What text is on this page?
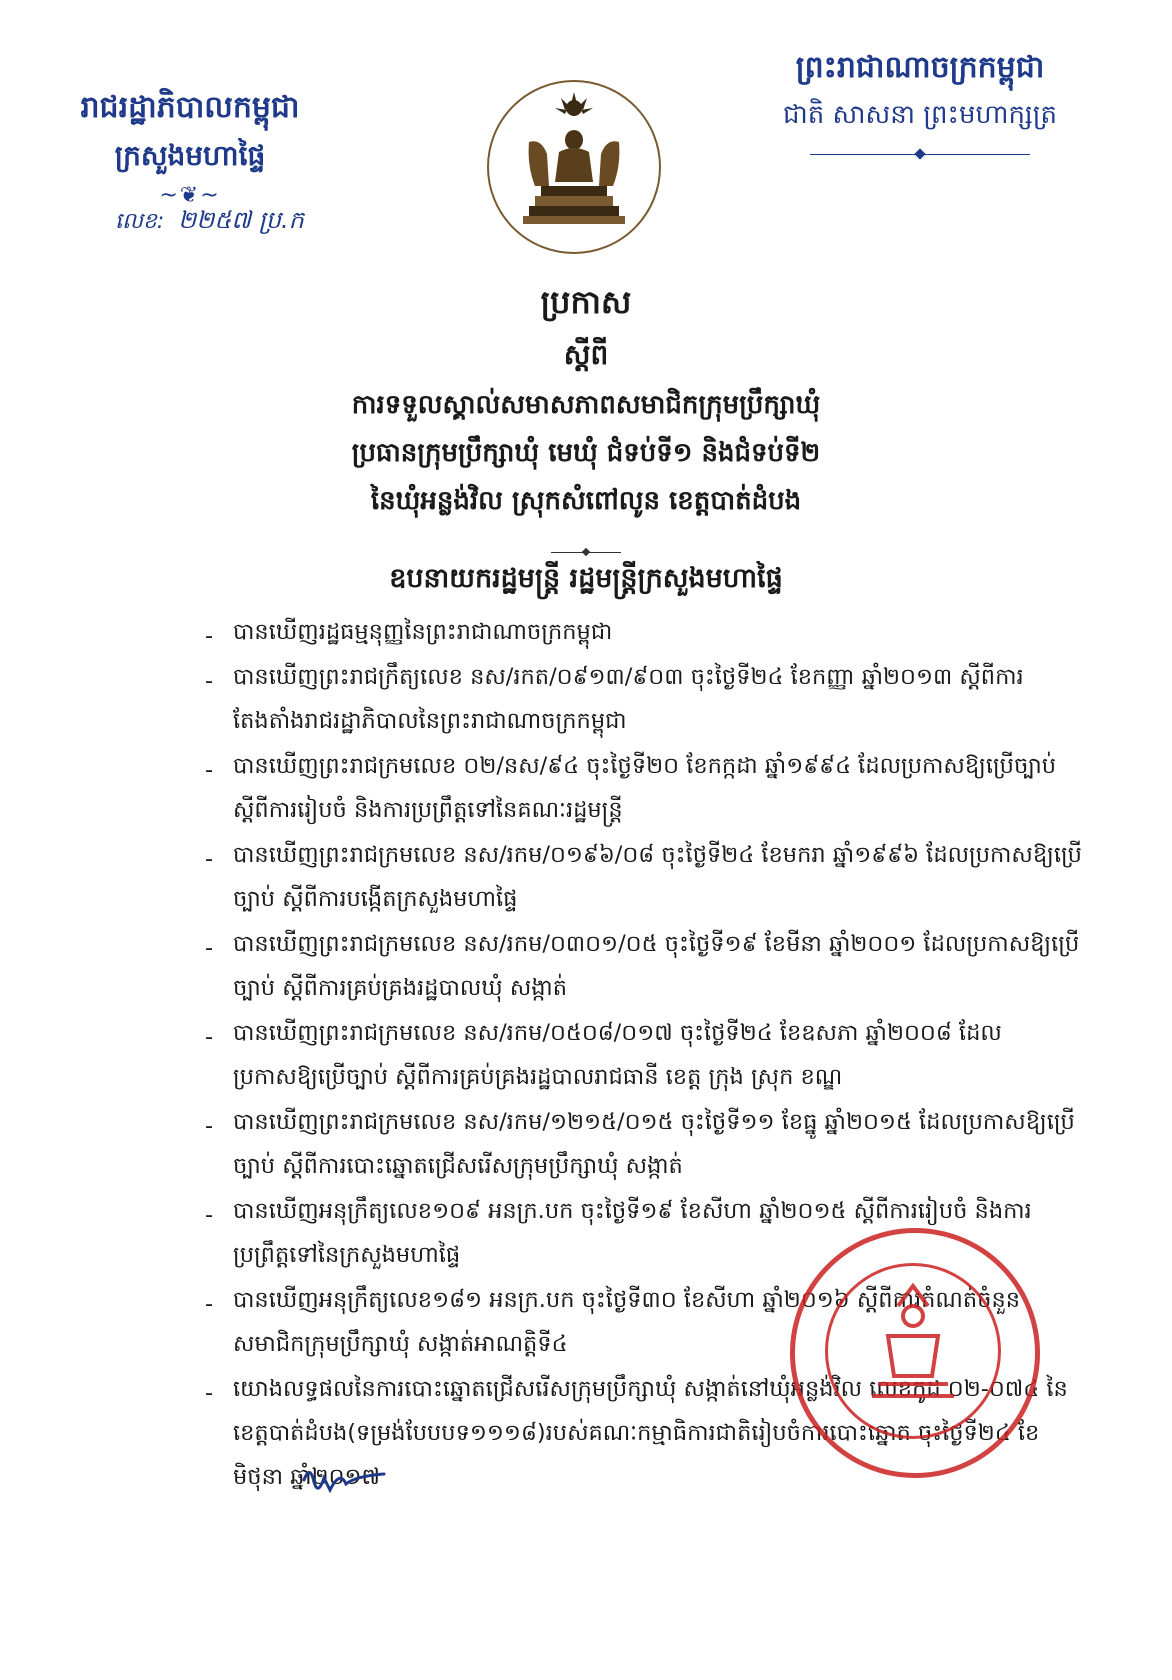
រាជរដ្ឋាភិបាលកម្ពុជា
ក្រសួងមហាផ្ទៃ
~❦~
លេខ: ២២៥៧ ប្រ.ក
ព្រះរាជាណាចក្រកម្ពុជា
ជាតិ សាសនា ព្រះមហាក្សត្រ
ប្រកាស
ស្តីពី
ការទទួលស្គាល់សមាសភាពសមាជិកក្រុមប្រឹក្សាឃុំ
ប្រធានក្រុមប្រឹក្សាឃុំ មេឃុំ ជំទប់ទី១ និងជំទប់ទី២
នៃឃុំអន្លង់វិល ស្រុកសំពៅលូន ខេត្តបាត់ដំបង
ឧបនាយករដ្ឋមន្ត្រី រដ្ឋមន្ត្រីក្រសួងមហាផ្ទៃ
- បានឃើញរដ្ឋធម្មនុញ្ញនៃព្រះរាជាណាចក្រកម្ពុជា
- បានឃើញព្រះរាជក្រឹត្យលេខ នស/រកត/០៩១៣/៩០៣ ចុះថ្ងៃទី២៤ ខែកញ្ញា ឆ្នាំ២០១៣ ស្តីពីការតែងតាំងរាជរដ្ឋាភិបាលនៃព្រះរាជាណាចក្រកម្ពុជា
- បានឃើញព្រះរាជក្រមលេខ ០២/នស/៩៤ ចុះថ្ងៃទី២០ ខែកក្កដា ឆ្នាំ១៩៩៤ ដែលប្រកាសឱ្យប្រើច្បាប់ស្តីពីការរៀបចំ និងការប្រព្រឹត្តទៅនៃគណៈរដ្ឋមន្ត្រី
- បានឃើញព្រះរាជក្រមលេខ នស/រកម/០១៩៦/០៨ ចុះថ្ងៃទី២៤ ខែមករា ឆ្នាំ១៩៩៦ ដែលប្រកាសឱ្យប្រើច្បាប់ ស្តីពីការបង្កើតក្រសួងមហាផ្ទៃ
- បានឃើញព្រះរាជក្រមលេខ នស/រកម/០៣០១/០៥ ចុះថ្ងៃទី១៩ ខែមីនា ឆ្នាំ២០០១ ដែលប្រកាសឱ្យប្រើច្បាប់ ស្តីពីការគ្រប់គ្រងរដ្ឋបាលឃុំ សង្កាត់
- បានឃើញព្រះរាជក្រមលេខ នស/រកម/០៥០៨/០១៧ ចុះថ្ងៃទី២៤ ខែឧសភា ឆ្នាំ២០០៨ ដែលប្រកាសឱ្យប្រើច្បាប់ ស្តីពីការគ្រប់គ្រងរដ្ឋបាលរាជធានី ខេត្ត ក្រុង ស្រុក ខណ្ឌ
- បានឃើញព្រះរាជក្រមលេខ នស/រកម/១២១៥/០១៥ ចុះថ្ងៃទី១១ ខែធ្នូ ឆ្នាំ២០១៥ ដែលប្រកាសឱ្យប្រើច្បាប់ ស្តីពីការបោះឆ្នោតជ្រើសរើសក្រុមប្រឹក្សាឃុំ សង្កាត់
- បានឃើញអនុក្រឹត្យលេខ១០៩ អនក្រ.បក ចុះថ្ងៃទី១៩ ខែសីហា ឆ្នាំ២០១៥ ស្តីពីការរៀបចំ និងការប្រព្រឹត្តទៅនៃក្រសួងមហាផ្ទៃ
- បានឃើញអនុក្រឹត្យលេខ១៨១ អនក្រ.បក ចុះថ្ងៃទី៣០ ខែសីហា ឆ្នាំ២០១៦ ស្តីពីការកំណត់ចំនួនសមាជិកក្រុមប្រឹក្សាឃុំ សង្កាត់អាណត្តិទី៤
- យោងលទ្ធផលនៃការបោះឆ្នោតជ្រើសរើសក្រុមប្រឹក្សាឃុំ សង្កាត់នៅឃុំអន្លង់វិល លេខកូដ ០២-០៧៤ នៃខេត្តបាត់ដំបង(ទម្រង់បែបបទ១១១៨)របស់គណៈកម្មាធិការជាតិរៀបចំការបោះឆ្នោត ចុះថ្ងៃទី២៤ ខែមិថុនា ឆ្នាំ២០១៧
